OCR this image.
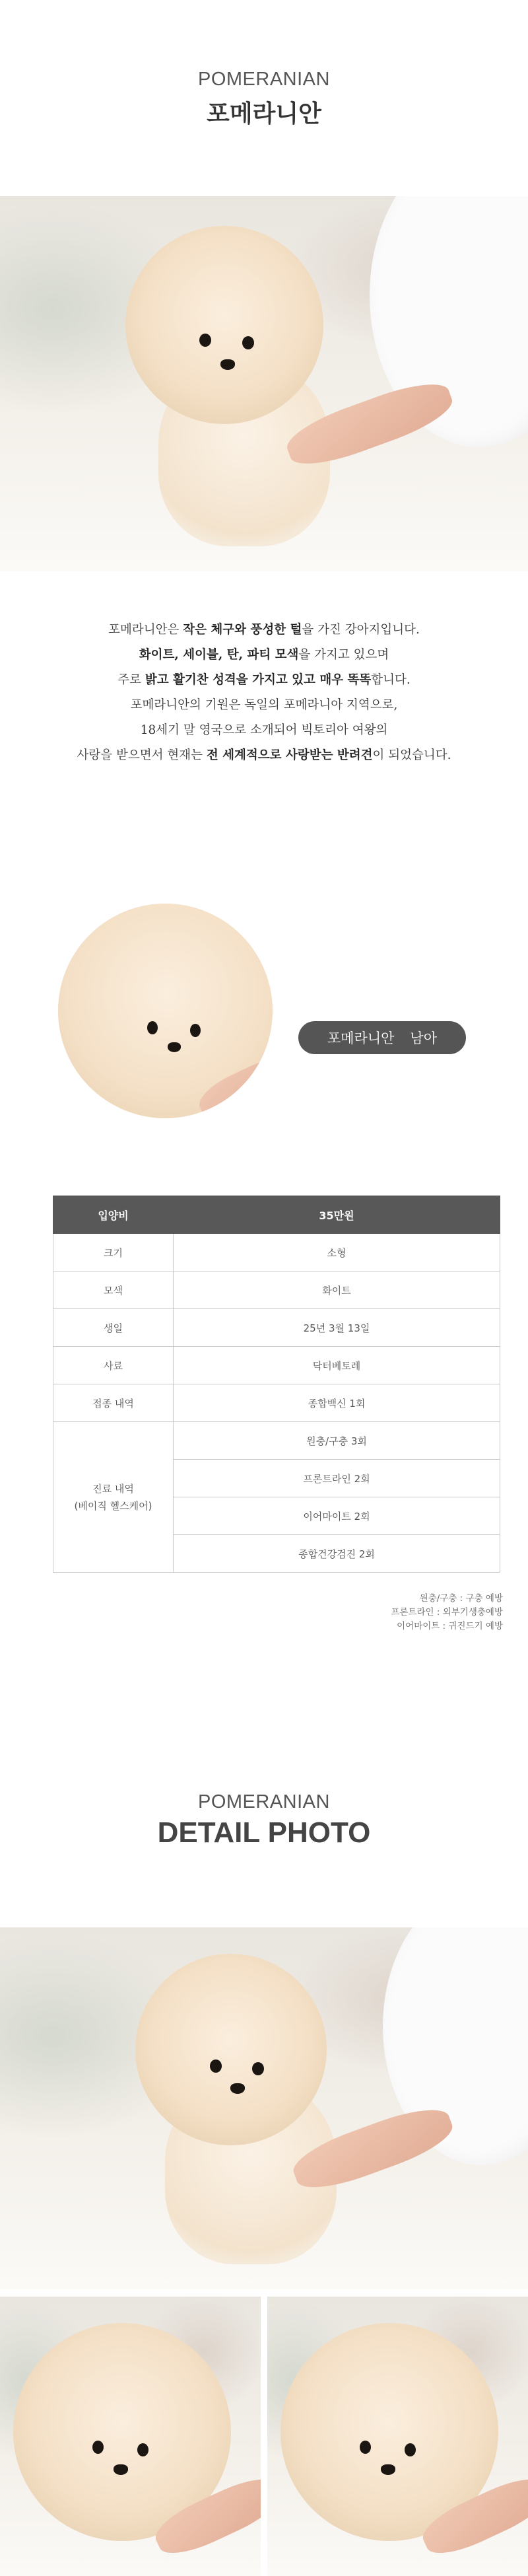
POMERANIAN
포메라니안
포메라니안은 작은 체구와 풍성한 털을 가진 강아지입니다.
화이트, 세이블, 탄, 파티 모색을 가지고 있으며
주로 밝고 활기찬 성격을 가지고 있고 매우 똑똑합니다.
포메라니안의 기원은 독일의 포메라니아 지역으로,
18세기 말 영국으로 소개되어 빅토리아 여왕의
사랑을 받으면서 현재는 전 세계적으로 사랑받는 반려견이 되었습니다.
포메라니안 남아
입양비	35만원
크기	소형
모색	화이트
생일	25년 3월 13일
사료	닥터베토레
접종 내역	종합백신 1회

진료 내역
(베이직 헬스케어)	원충/구충 3회
	프론트라인 2회
	이어마이트 2회
	종합건강검진 2회
원충/구충 : 구충 예방
프론트라인 : 외부기생충예방
이어마이트 : 귀진드기 예방
POMERANIAN
DETAIL PHOTO
